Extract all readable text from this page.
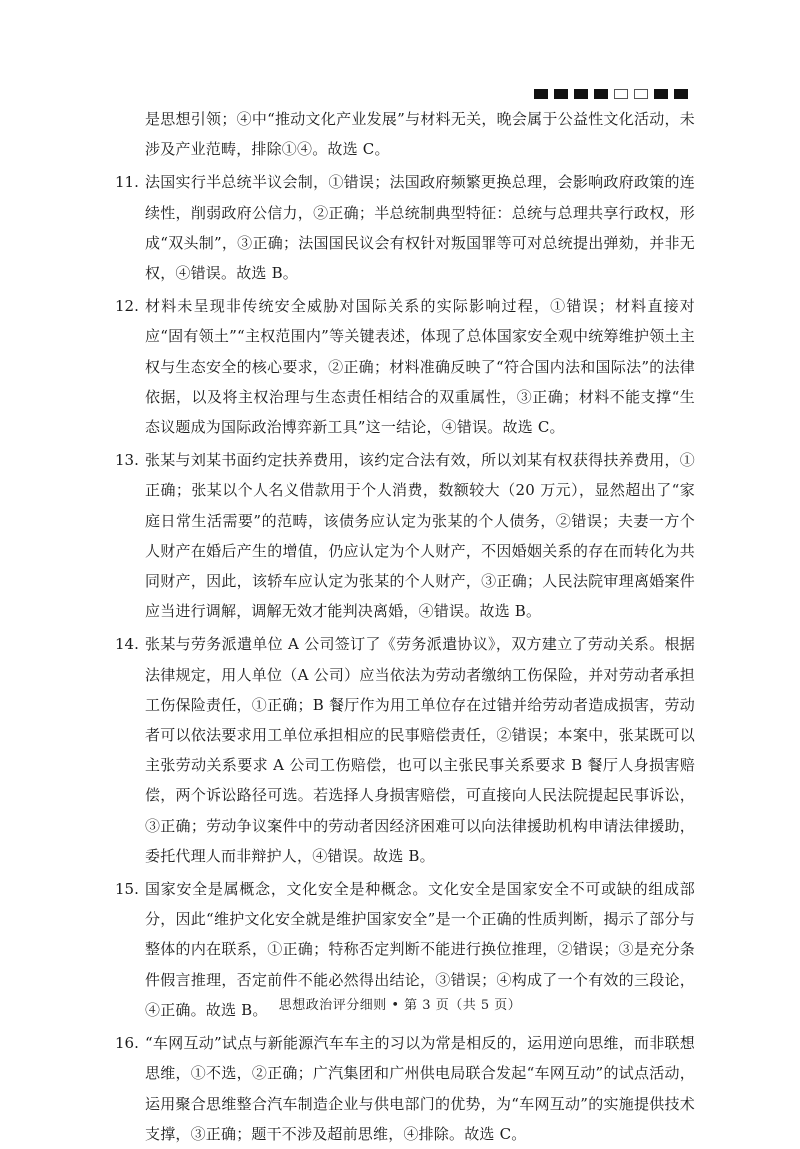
是思想引领；④中“推动文化产业发展”与材料无关，晚会属于公益性文化活动，未涉及产业范畴，排除①④。故选 C。
11. 法国实行半总统半议会制，①错误；法国政府频繁更换总理，会影响政府政策的连续性，削弱政府公信力，②正确；半总统制典型特征：总统与总理共享行政权，形成“双头制”，③正确；法国国民议会有权针对叛国罪等可对总统提出弹劾，并非无权，④错误。故选 B。
12. 材料未呈现非传统安全威胁对国际关系的实际影响过程，①错误；材料直接对应“固有领土”“主权范围内”等关键表述，体现了总体国家安全观中统筹维护领土主权与生态安全的核心要求，②正确；材料准确反映了“符合国内法和国际法”的法律依据，以及将主权治理与生态责任相结合的双重属性，③正确；材料不能支撑“生态议题成为国际政治博弈新工具”这一结论，④错误。故选 C。
13. 张某与刘某书面约定扶养费用，该约定合法有效，所以刘某有权获得扶养费用，①正确；张某以个人名义借款用于个人消费，数额较大（20 万元），显然超出了“家庭日常生活需要”的范畴，该债务应认定为张某的个人债务，②错误；夫妻一方个人财产在婚后产生的增值，仍应认定为个人财产，不因婚姻关系的存在而转化为共同财产，因此，该轿车应认定为张某的个人财产，③正确；人民法院审理离婚案件应当进行调解，调解无效才能判决离婚，④错误。故选 B。
14. 张某与劳务派遣单位 A 公司签订了《劳务派遣协议》，双方建立了劳动关系。根据法律规定，用人单位（A 公司）应当依法为劳动者缴纳工伤保险，并对劳动者承担工伤保险责任，①正确；B 餐厅作为用工单位存在过错并给劳动者造成损害，劳动者可以依法要求用工单位承担相应的民事赔偿责任，②错误；本案中，张某既可以主张劳动关系要求 A 公司工伤赔偿，也可以主张民事关系要求 B 餐厅人身损害赔偿，两个诉讼路径可选。若选择人身损害赔偿，可直接向人民法院提起民事诉讼，③正确；劳动争议案件中的劳动者因经济困难可以向法律援助机构申请法律援助，委托代理人而非辩护人，④错误。故选 B。
15. 国家安全是属概念，文化安全是种概念。文化安全是国家安全不可或缺的组成部分，因此“维护文化安全就是维护国家安全”是一个正确的性质判断，揭示了部分与整体的内在联系，①正确；特称否定判断不能进行换位推理，②错误；③是充分条件假言推理，否定前件不能必然得出结论，③错误；④构成了一个有效的三段论，④正确。故选 B。
16. “车网互动”试点与新能源汽车车主的习以为常是相反的，运用逆向思维，而非联想思维，①不选，②正确；广汽集团和广州供电局联合发起“车网互动”的试点活动，运用聚合思维整合汽车制造企业与供电部门的优势，为“车网互动”的实施提供技术支撑，③正确；题干不涉及超前思维，④排除。故选 C。
思想政治评分细则 • 第 3 页（共 5 页）
